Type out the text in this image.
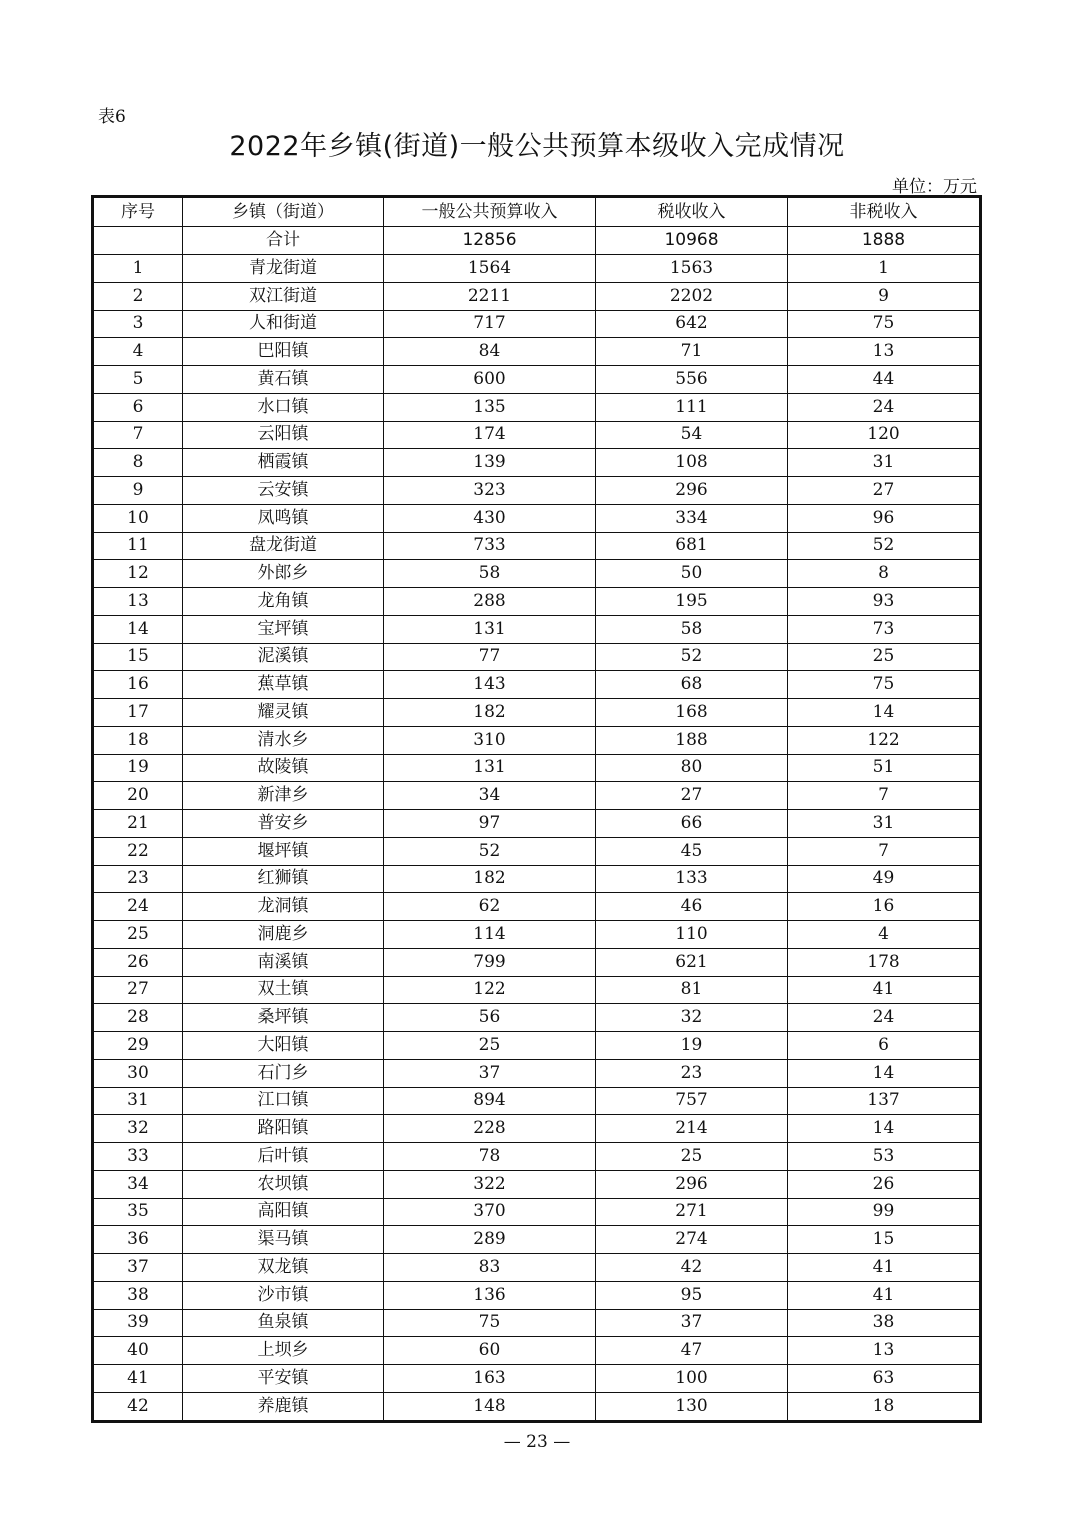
表6
2022年乡镇(街道)一般公共预算本级收入完成情况
单位：万元
序号	乡镇（街道）	一般公共预算收入	税收收入	非税收入
	合计	12856	10968	1888
1	青龙街道	1564	1563	1
2	双江街道	2211	2202	9
3	人和街道	717	642	75
4	巴阳镇	84	71	13
5	黄石镇	600	556	44
6	水口镇	135	111	24
7	云阳镇	174	54	120
8	栖霞镇	139	108	31
9	云安镇	323	296	27
10	凤鸣镇	430	334	96
11	盘龙街道	733	681	52
12	外郎乡	58	50	8
13	龙角镇	288	195	93
14	宝坪镇	131	58	73
15	泥溪镇	77	52	25
16	蕉草镇	143	68	75
17	耀灵镇	182	168	14
18	清水乡	310	188	122
19	故陵镇	131	80	51
20	新津乡	34	27	7
21	普安乡	97	66	31
22	堰坪镇	52	45	7
23	红狮镇	182	133	49
24	龙洞镇	62	46	16
25	洞鹿乡	114	110	4
26	南溪镇	799	621	178
27	双土镇	122	81	41
28	桑坪镇	56	32	24
29	大阳镇	25	19	6
30	石门乡	37	23	14
31	江口镇	894	757	137
32	路阳镇	228	214	14
33	后叶镇	78	25	53
34	农坝镇	322	296	26
35	高阳镇	370	271	99
36	渠马镇	289	274	15
37	双龙镇	83	42	41
38	沙市镇	136	95	41
39	鱼泉镇	75	37	38
40	上坝乡	60	47	13
41	平安镇	163	100	63
42	养鹿镇	148	130	18
— 23 —
